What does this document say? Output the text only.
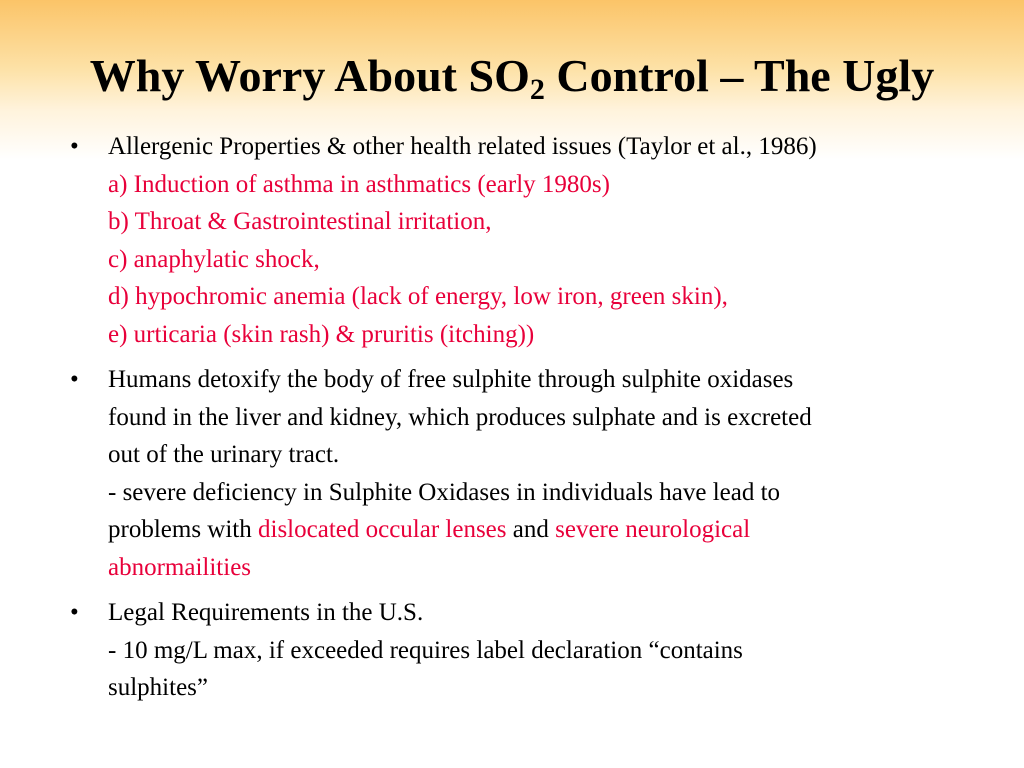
Why Worry About $SO_2$ Control – The Ugly
•	Allergenic Properties & other health related issues (Taylor et al., 1986)
a) Induction of asthma in asthmatics (early 1980s)
b) Throat & Gastrointestinal irritation,
c) anaphylatic shock,
d) hypochromic anemia (lack of energy, low iron, green skin),
e) urticaria (skin rash) & pruritis (itching))
•	Humans detoxify the body of free sulphite through sulphite oxidases
found in the liver and kidney, which produces sulphate and is excreted
out of the urinary tract.
- severe deficiency in Sulphite Oxidases in individuals have lead to
problems with dislocated occular lenses and severe neurological
abnormailities
•	Legal Requirements in the U.S.
- 10 mg/L max, if exceeded requires label declaration “contains
sulphites”
